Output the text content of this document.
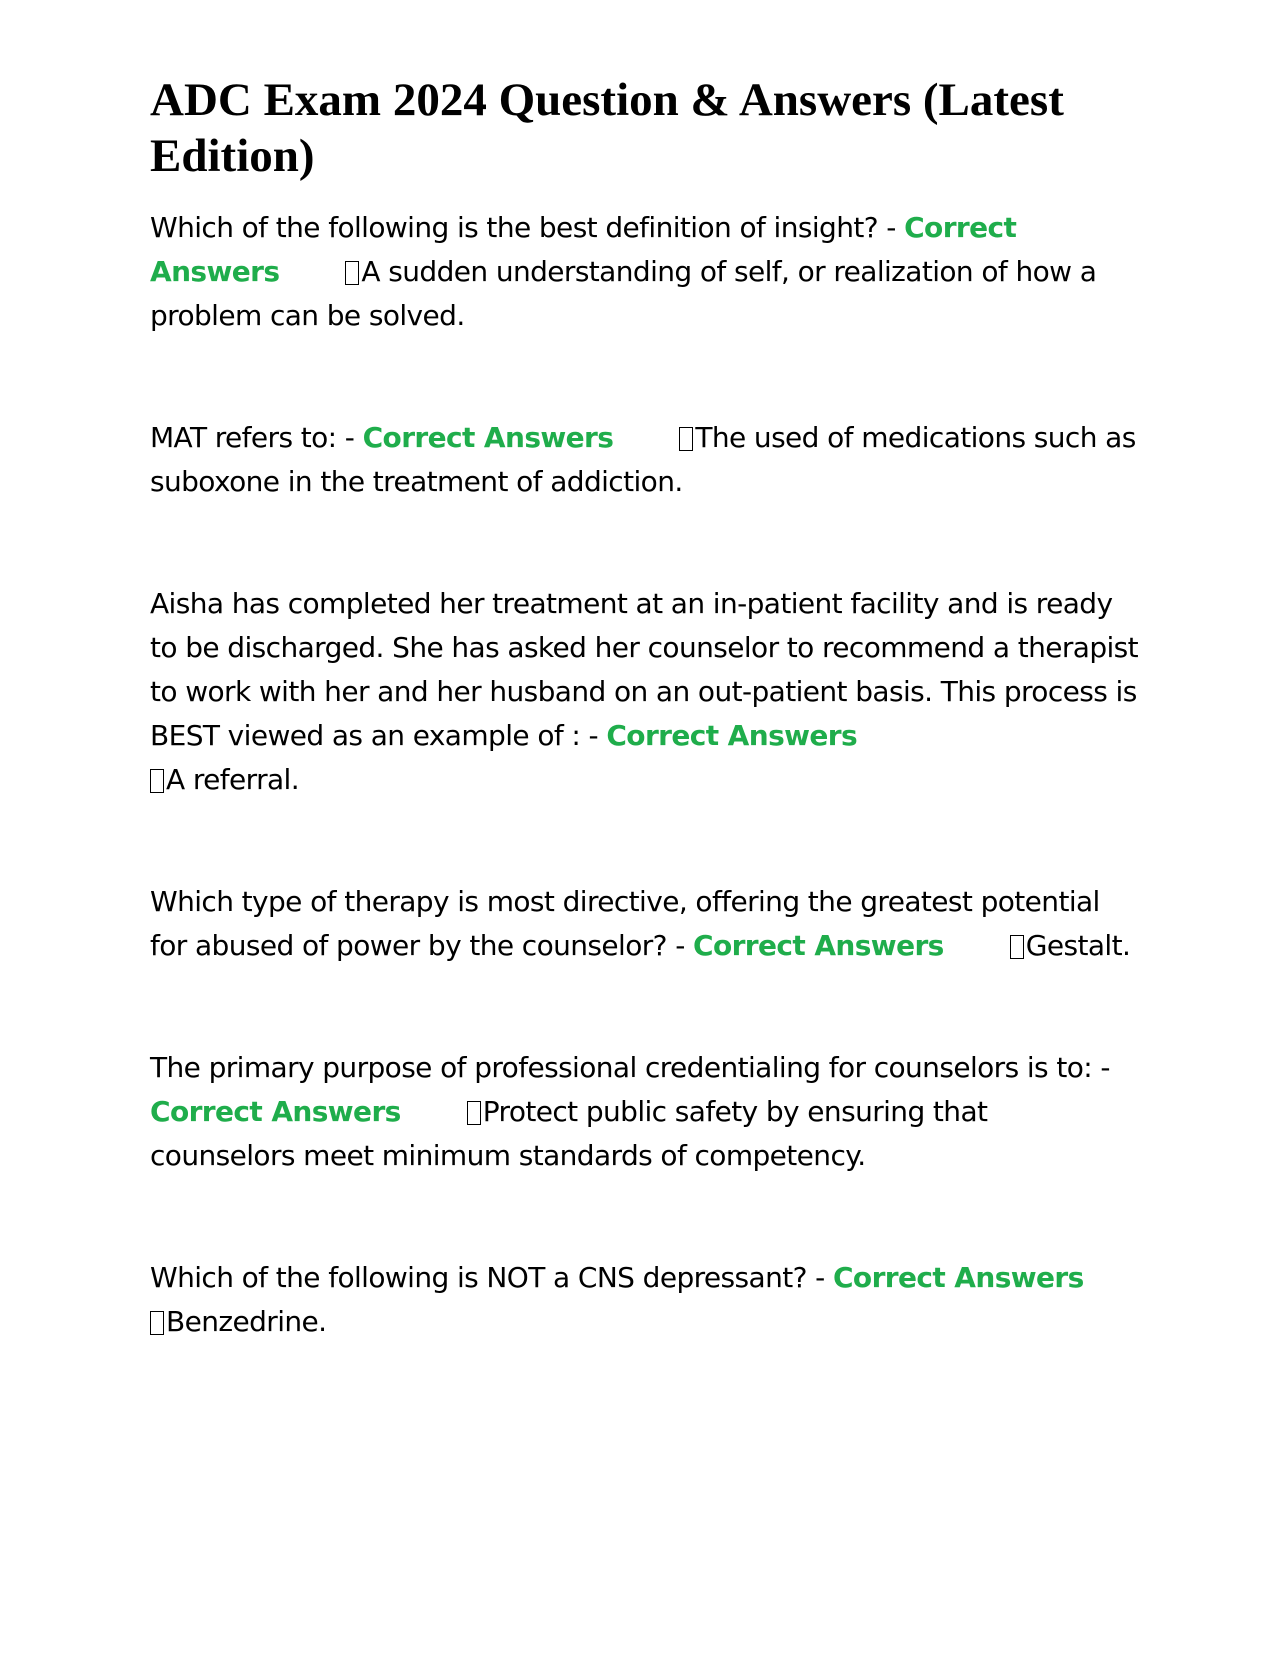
ADC Exam 2024 Question & Answers (Latest Edition)

Which of the following is the best definition of insight? - Correct Answers	A sudden understanding of self, or realization of how a problem can be solved.

MAT refers to: - Correct Answers	The used of medications such as suboxone in the treatment of addiction.

Aisha has completed her treatment at an in-patient facility and is ready to be discharged. She has asked her counselor to recommend a therapist to work with her and her husband on an out-patient basis. This process is BEST viewed as an example of : - Correct Answers
A referral.

Which type of therapy is most directive, offering the greatest potential for abused of power by the counselor? - Correct Answers	Gestalt.

The primary purpose of professional credentialing for counselors is to: - Correct Answers	Protect public safety by ensuring that counselors meet minimum standards of competency.

Which of the following is NOT a CNS depressant? - Correct Answers
Benzedrine.
